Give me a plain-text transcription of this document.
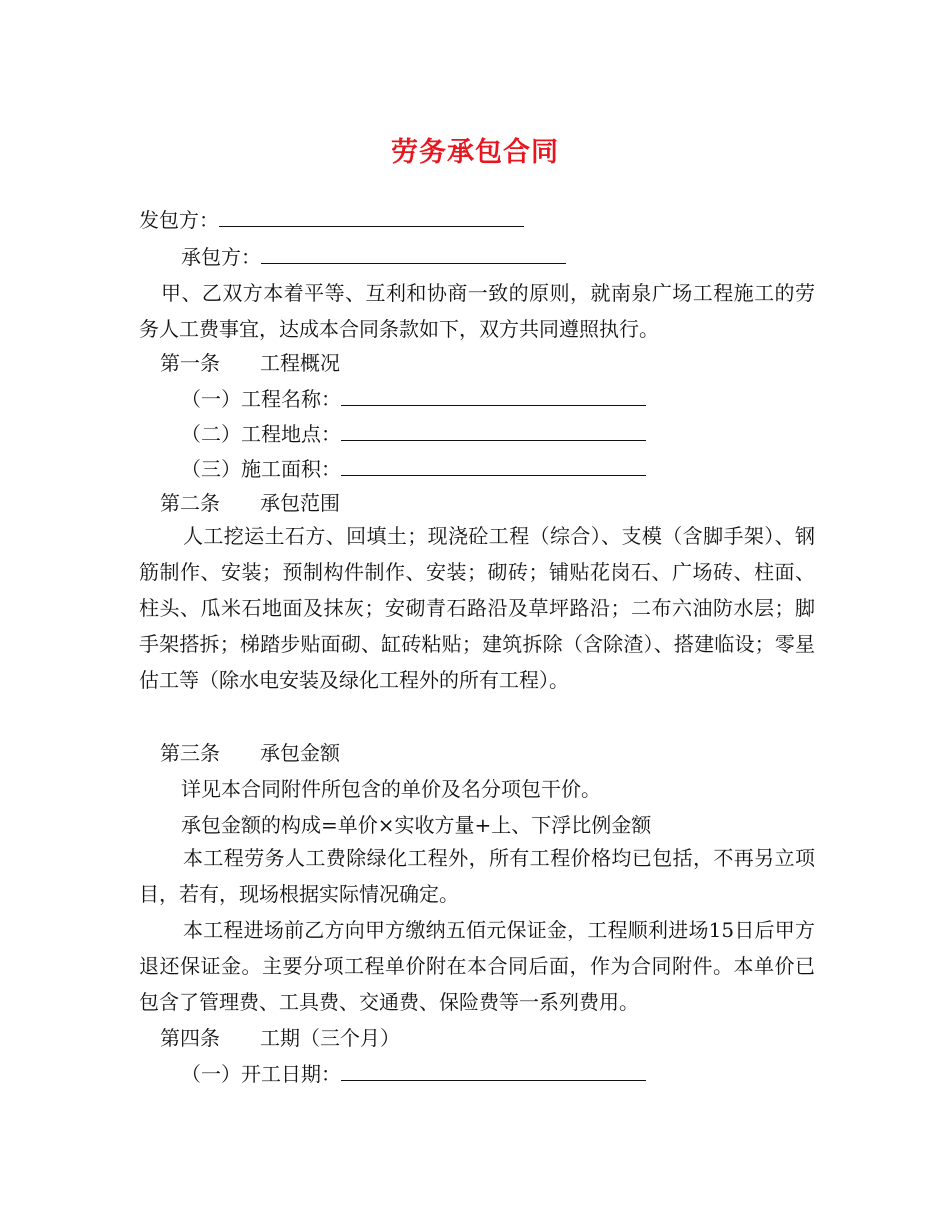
劳务承包合同
发包方：
承包方：
甲、乙双方本着平等、互利和协商一致的原则，就南泉广场工程施工的劳务人工费事宜，达成本合同条款如下，双方共同遵照执行。
第一条　　工程概况
（一）工程名称：
（二）工程地点：
（三）施工面积：
第二条　　承包范围
人工挖运土石方、回填土；现浇砼工程（综合）、支模（含脚手架）、钢筋制作、安装；预制构件制作、安装；砌砖；铺贴花岗石、广场砖、柱面、柱头、瓜米石地面及抹灰；安砌青石路沿及草坪路沿；二布六油防水层；脚手架搭拆；梯踏步贴面砌、缸砖粘贴；建筑拆除（含除渣）、搭建临设；零星估工等（除水电安装及绿化工程外的所有工程）。
第三条　　承包金额
详见本合同附件所包含的单价及名分项包干价。
承包金额的构成=单价×实收方量+上、下浮比例金额
本工程劳务人工费除绿化工程外，所有工程价格均已包括，不再另立项目，若有，现场根据实际情况确定。
本工程进场前乙方向甲方缴纳五佰元保证金，工程顺利进场15日后甲方退还保证金。主要分项工程单价附在本合同后面，作为合同附件。本单价已包含了管理费、工具费、交通费、保险费等一系列费用。
第四条　　工期（三个月）
（一）开工日期：
